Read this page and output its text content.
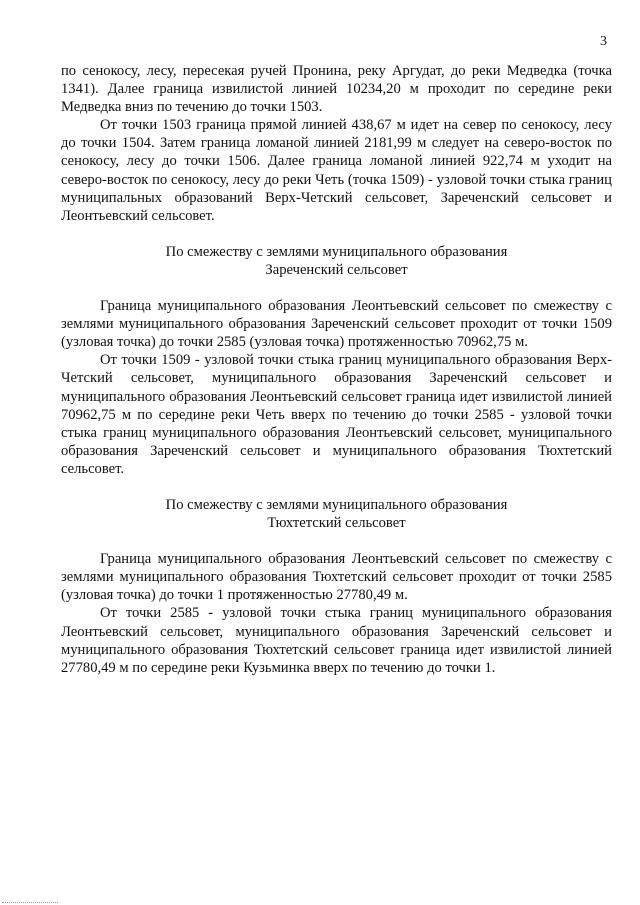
3

по сенокосу, лесу, пересекая ручей Пронина, реку Аргудат, до реки Медведка (точка 1341). Далее граница извилистой линией 10234,20 м проходит по середине реки Медведка вниз по течению до точки 1503.

От точки 1503 граница прямой линией 438,67 м идет на север по сенокосу, лесу до точки 1504. Затем граница ломаной линией 2181,99 м следует на северо-восток по сенокосу, лесу до точки 1506. Далее граница ломаной линией 922,74 м уходит на северо-восток по сенокосу, лесу до реки Четь (точка 1509) - узловой точки стыка границ муниципальных образований Верх-Четский сельсовет, Зареченский сельсовет и Леонтьевский сельсовет.

По смежеству с землями муниципального образования
Зареченский сельсовет

Граница муниципального образования Леонтьевский сельсовет по смежеству с землями муниципального образования Зареченский сельсовет проходит от точки 1509 (узловая точка) до точки 2585 (узловая точка) протяженностью 70962,75 м.

От точки 1509 - узловой точки стыка границ муниципального образования Верх-Четский сельсовет, муниципального образования Зареченский сельсовет и муниципального образования Леонтьевский сельсовет граница идет извилистой линией 70962,75 м по середине реки Четь вверх по течению до точки 2585 - узловой точки стыка границ муниципального образования Леонтьевский сельсовет, муниципального образования Зареченский сельсовет и муниципального образования Тюхтетский сельсовет.

По смежеству с землями муниципального образования
Тюхтетский сельсовет

Граница муниципального образования Леонтьевский сельсовет по смежеству с землями муниципального образования Тюхтетский сельсовет проходит от точки 2585 (узловая точка) до точки 1 протяженностью 27780,49 м.

От точки 2585 - узловой точки стыка границ муниципального образования Леонтьевский сельсовет, муниципального образования Зареченский сельсовет и муниципального образования Тюхтетский сельсовет граница идет извилистой линией 27780,49 м по середине реки Кузьминка вверх по течению до точки 1.
